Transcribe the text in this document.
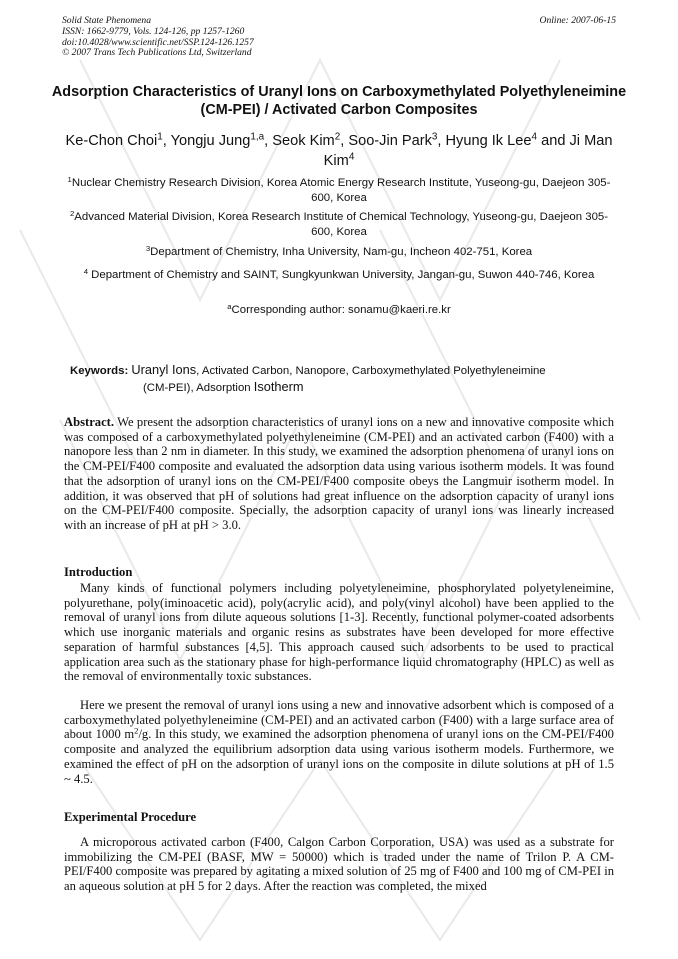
Solid State Phenomena
ISSN: 1662-9779, Vols. 124-126, pp 1257-1260
doi:10.4028/www.scientific.net/SSP.124-126.1257
© 2007 Trans Tech Publications Ltd, Switzerland
Online: 2007-06-15
Adsorption Characteristics of Uranyl Ions on Carboxymethylated Polyethyleneimine (CM-PEI) / Activated Carbon Composites
Ke-Chon Choi$^1$, Yongju Jung$^{1,a}$, Seok Kim$^2$, Soo-Jin Park$^3$, Hyung Ik Lee$^4$ and Ji Man Kim$^4$
$^1$Nuclear Chemistry Research Division, Korea Atomic Energy Research Institute, Yuseong-gu, Daejeon 305-600, Korea
$^2$Advanced Material Division, Korea Research Institute of Chemical Technology, Yuseong-gu, Daejeon 305-600, Korea
$^3$Department of Chemistry, Inha University, Nam-gu, Incheon 402-751, Korea
$^4$ Department of Chemistry and SAINT, Sungkyunkwan University, Jangan-gu, Suwon 440-746, Korea
$^a$Corresponding author: sonamu@kaeri.re.kr
Keywords: Uranyl Ions, Activated Carbon, Nanopore, Carboxymethylated Polyethyleneimine
(CM-PEI), Adsorption Isotherm
Abstract. We present the adsorption characteristics of uranyl ions on a new and innovative composite which was composed of a carboxymethylated polyethyleneimine (CM-PEI) and an activated carbon (F400) with a nanopore less than 2 nm in diameter. In this study, we examined the adsorption phenomena of uranyl ions on the CM-PEI/F400 composite and evaluated the adsorption data using various isotherm models. It was found that the adsorption of uranyl ions on the CM-PEI/F400 composite obeys the Langmuir isotherm model. In addition, it was observed that pH of solutions had great influence on the adsorption capacity of uranyl ions on the CM-PEI/F400 composite. Specially, the adsorption capacity of uranyl ions was linearly increased with an increase of pH at pH > 3.0.
Introduction
Many kinds of functional polymers including polyetyleneimine, phosphorylated polyetyleneimine, polyurethane, poly(iminoacetic acid), poly(acrylic acid), and poly(vinyl alcohol) have been applied to the removal of uranyl ions from dilute aqueous solutions [1-3]. Recently, functional polymer-coated adsorbents which use inorganic materials and organic resins as substrates have been developed for more effective separation of harmful substances [4,5]. This approach caused such adsorbents to be used to practical application area such as the stationary phase for high-performance liquid chromatography (HPLC) as well as the removal of environmentally toxic substances.
Here we present the removal of uranyl ions using a new and innovative adsorbent which is composed of a carboxymethylated polyethyleneimine (CM-PEI) and an activated carbon (F400) with a large surface area of about 1000 $m^2/g$. In this study, we examined the adsorption phenomena of uranyl ions on the CM-PEI/F400 composite and analyzed the equilibrium adsorption data using various isotherm models. Furthermore, we examined the effect of pH on the adsorption of uranyl ions on the composite in dilute solutions at pH of 1.5 ~ 4.5.
Experimental Procedure
A microporous activated carbon (F400, Calgon Carbon Corporation, USA) was used as a substrate for immobilizing the CM-PEI (BASF, MW = 50000) which is traded under the name of Trilon P. A CM-PEI/F400 composite was prepared by agitating a mixed solution of 25 mg of F400 and 100 mg of CM-PEI in an aqueous solution at pH 5 for 2 days. After the reaction was completed, the mixed
